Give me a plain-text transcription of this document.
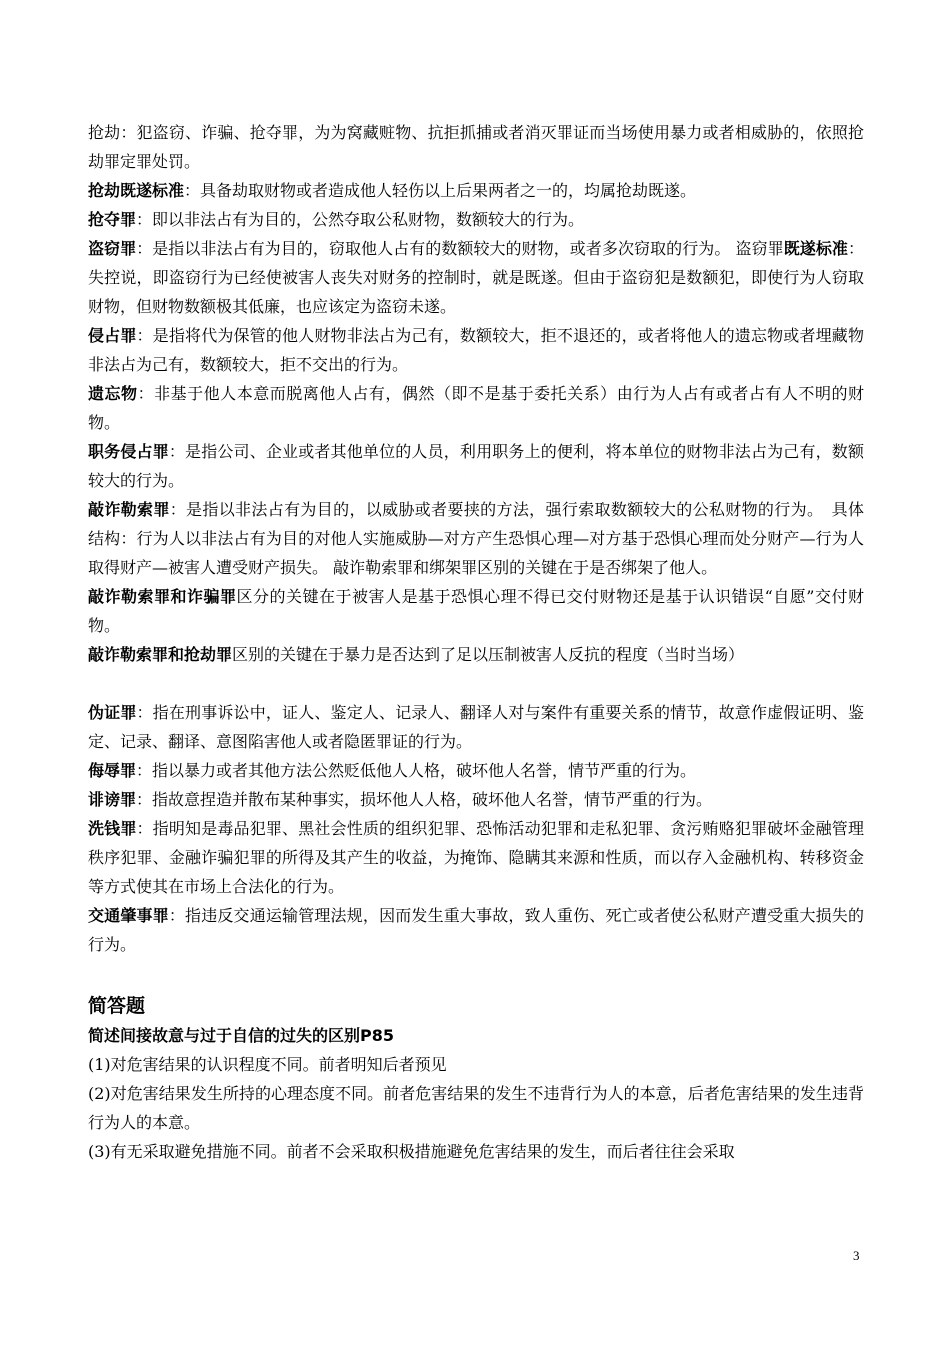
抢劫：犯盗窃、诈骗、抢夺罪，为为窝藏赃物、抗拒抓捕或者消灭罪证而当场使用暴力或者相威胁的，依照抢劫罪定罪处罚。

抢劫既遂标准：具备劫取财物或者造成他人轻伤以上后果两者之一的，均属抢劫既遂。

抢夺罪：即以非法占有为目的，公然夺取公私财物，数额较大的行为。

盗窃罪：是指以非法占有为目的，窃取他人占有的数额较大的财物，或者多次窃取的行为。 盗窃罪既遂标准：失控说，即盗窃行为已经使被害人丧失对财务的控制时，就是既遂。但由于盗窃犯是数额犯，即使行为人窃取财物，但财物数额极其低廉，也应该定为盗窃未遂。

侵占罪：是指将代为保管的他人财物非法占为己有，数额较大，拒不退还的，或者将他人的遗忘物或者埋藏物非法占为己有，数额较大，拒不交出的行为。

遗忘物：非基于他人本意而脱离他人占有，偶然（即不是基于委托关系）由行为人占有或者占有人不明的财物。

职务侵占罪：是指公司、企业或者其他单位的人员，利用职务上的便利，将本单位的财物非法占为己有，数额较大的行为。

敲诈勒索罪：是指以非法占有为目的，以威胁或者要挟的方法，强行索取数额较大的公私财物的行为。　具体结构：行为人以非法占有为目的对他人实施威胁—对方产生恐惧心理—对方基于恐惧心理而处分财产—行为人取得财产—被害人遭受财产损失。 敲诈勒索罪和绑架罪区别的关键在于是否绑架了他人。

敲诈勒索罪和诈骗罪区分的关键在于被害人是基于恐惧心理不得已交付财物还是基于认识错误“自愿”交付财物。

敲诈勒索罪和抢劫罪区别的关键在于暴力是否达到了足以压制被害人反抗的程度（当时当场）

伪证罪：指在刑事诉讼中，证人、鉴定人、记录人、翻译人对与案件有重要关系的情节，故意作虚假证明、鉴定、记录、翻译、意图陷害他人或者隐匿罪证的行为。

侮辱罪：指以暴力或者其他方法公然贬低他人人格，破坏他人名誉，情节严重的行为。

诽谤罪：指故意捏造并散布某种事实，损坏他人人格，破坏他人名誉，情节严重的行为。

洗钱罪：指明知是毒品犯罪、黑社会性质的组织犯罪、恐怖活动犯罪和走私犯罪、贪污贿赂犯罪破坏金融管理秩序犯罪、金融诈骗犯罪的所得及其产生的收益，为掩饰、隐瞒其来源和性质，而以存入金融机构、转移资金等方式使其在市场上合法化的行为。

交通肇事罪：指违反交通运输管理法规，因而发生重大事故，致人重伤、死亡或者使公私财产遭受重大损失的行为。

简答题

简述间接故意与过于自信的过失的区别P85

(1)对危害结果的认识程度不同。前者明知后者预见

(2)对危害结果发生所持的心理态度不同。前者危害结果的发生不违背行为人的本意，后者危害结果的发生违背行为人的本意。

(3)有无采取避免措施不同。前者不会采取积极措施避免危害结果的发生，而后者往往会采取

3
